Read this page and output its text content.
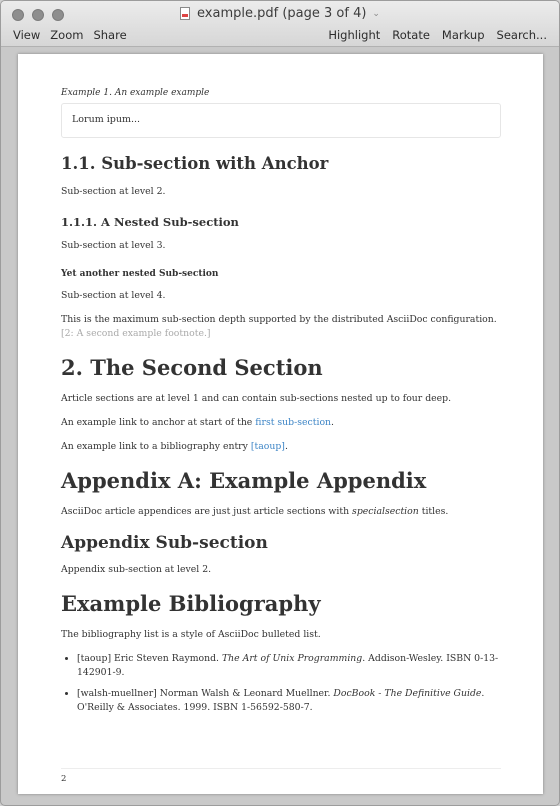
example.pdf (page 3 of 4) ⌄
View Zoom Share	Highlight Rotate Markup Search...
Example 1. An example example
Lorum ipum...
1.1. Sub-section with Anchor

Sub-section at level 2.

1.1.1. A Nested Sub-section

Sub-section at level 3.

Yet another nested Sub-section

Sub-section at level 4.

This is the maximum sub-section depth supported by the distributed AsciiDoc configuration. [2: A second example footnote.]

2. The Second Section

Article sections are at level 1 and can contain sub-sections nested up to four deep.

An example link to anchor at start of the first sub-section.

An example link to a bibliography entry [taoup].

Appendix A: Example Appendix

AsciiDoc article appendices are just just article sections with specialsection titles.

Appendix Sub-section

Appendix sub-section at level 2.

Example Bibliography

The bibliography list is a style of AsciiDoc bulleted list.

• [taoup] Eric Steven Raymond. The Art of Unix Programming. Addison-Wesley. ISBN 0-13-142901-9.
• [walsh-muellner] Norman Walsh & Leonard Muellner. DocBook - The Definitive Guide. O'Reilly & Associates. 1999. ISBN 1-56592-580-7.
2
